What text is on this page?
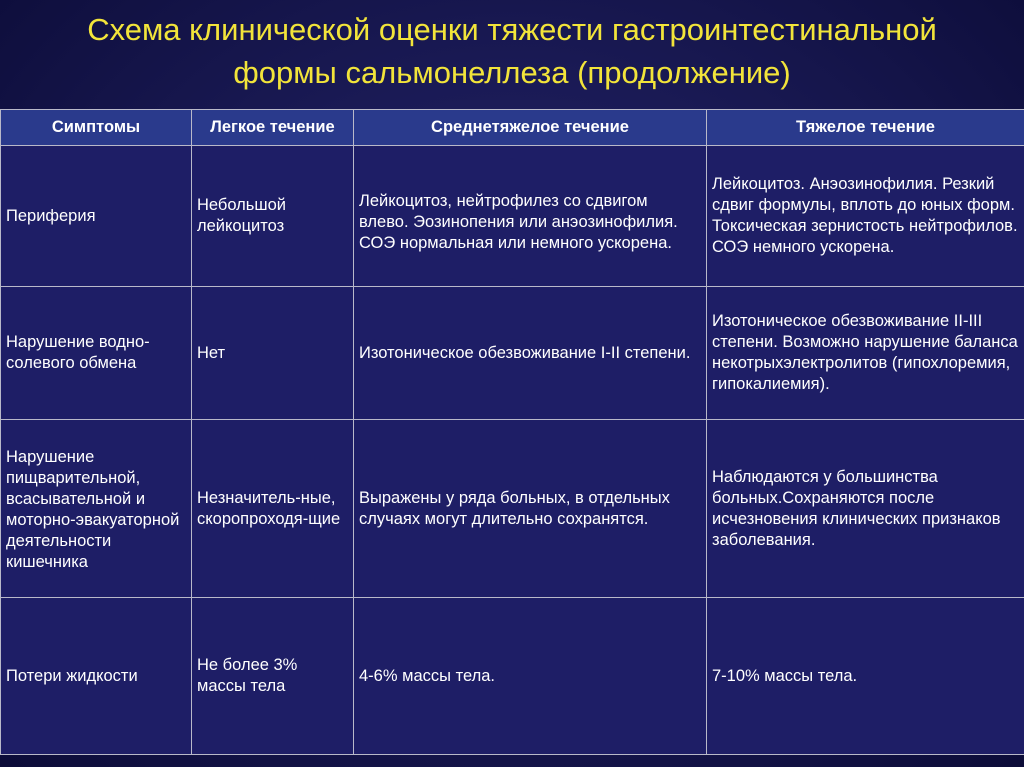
Схема клинической оценки тяжести гастроинтестинальной
формы сальмонеллеза (продолжение)
Симптомы	Легкое течение	Среднетяжелое течение	Тяжелое течение
Периферия	Небольшой лейкоцитоз	Лейкоцитоз, нейтрофилез со сдвигом влево. Эозинопения или анэозинофилия. СОЭ нормальная или немного ускорена.	Лейкоцитоз. Анэозинофилия. Резкий сдвиг формулы, вплоть до юных форм. Токсическая зернистость нейтрофилов. СОЭ немного ускорена.
Нарушение водно-солевого обмена	Нет	Изотоническое обезвоживание I-II степени.	Изотоническое обезвоживание II-III степени. Возможно нарушение баланса некотрыхэлектролитов (гипохлоремия, гипокалиемия).
Нарушение пищварительной, всасывательной и моторно-эвакуаторной деятельности кишечника	Незначитель-ные, скоропроходя-щие	Выражены у ряда больных, в отдельных случаях могут длительно сохранятся.	Наблюдаются у большинства больных.Сохраняются после исчезновения клинических признаков заболевания.
Потери жидкости	Не более 3% массы тела	4-6% массы тела.	7-10% массы тела.
